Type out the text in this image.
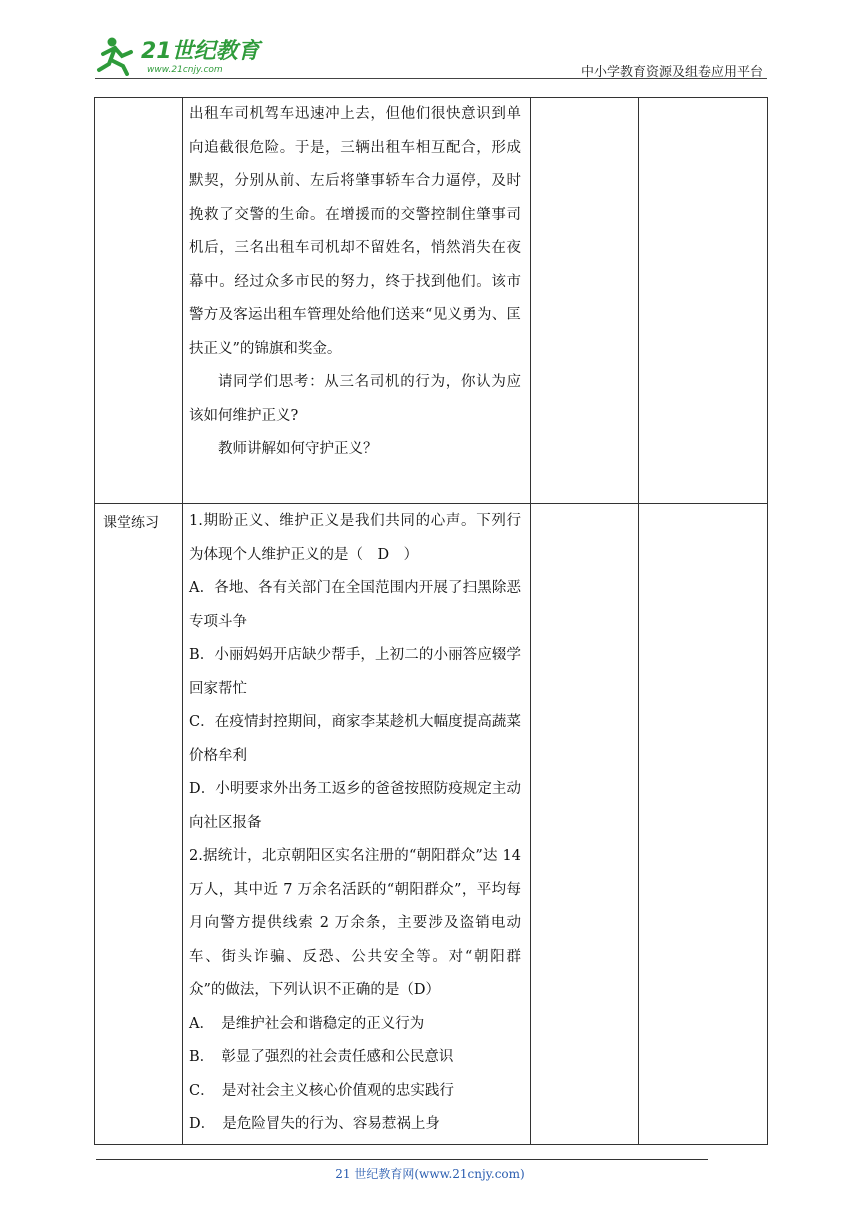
21世纪教育
www.21cnjy.com	中小学教育资源及组卷应用平台

出租车司机驾车迅速冲上去，但他们很快意识到单向追截很危险。于是，三辆出租车相互配合，形成默契，分别从前、左后将肇事轿车合力逼停，及时挽救了交警的生命。在增援而的交警控制住肇事司机后，三名出租车司机却不留姓名，悄然消失在夜幕中。经过众多市民的努力，终于找到他们。该市警方及客运出租车管理处给他们送来“见义勇为、匡扶正义”的锦旗和奖金。

请同学们思考：从三名司机的行为，你认为应该如何维护正义?

教师讲解如何守护正义？

课堂练习 1.期盼正义、维护正义是我们共同的心声。下列行为体现个人维护正义的是（　D　）

A．各地、各有关部门在全国范围内开展了扫黑除恶专项斗争

B．小丽妈妈开店缺少帮手，上初二的小丽答应辍学回家帮忙

C．在疫情封控期间，商家李某趁机大幅度提高蔬菜价格牟利

D．小明要求外出务工返乡的爸爸按照防疫规定主动向社区报备

2.据统计，北京朝阳区实名注册的“朝阳群众”达 14 万人，其中近 7 万余名活跃的“朝阳群众”，平均每月向警方提供线索 2 万余条，主要涉及盗销电动车、街头诈骗、反恐、公共安全等。对“朝阳群众”的做法，下列认识不正确的是（D）

A．　是维护社会和谐稳定的正义行为

B．　彰显了强烈的社会责任感和公民意识

C．　是对社会主义核心价值观的忠实践行

D．　是危险冒失的行为、容易惹祸上身

21 世纪教育网(www.21cnjy.com)
